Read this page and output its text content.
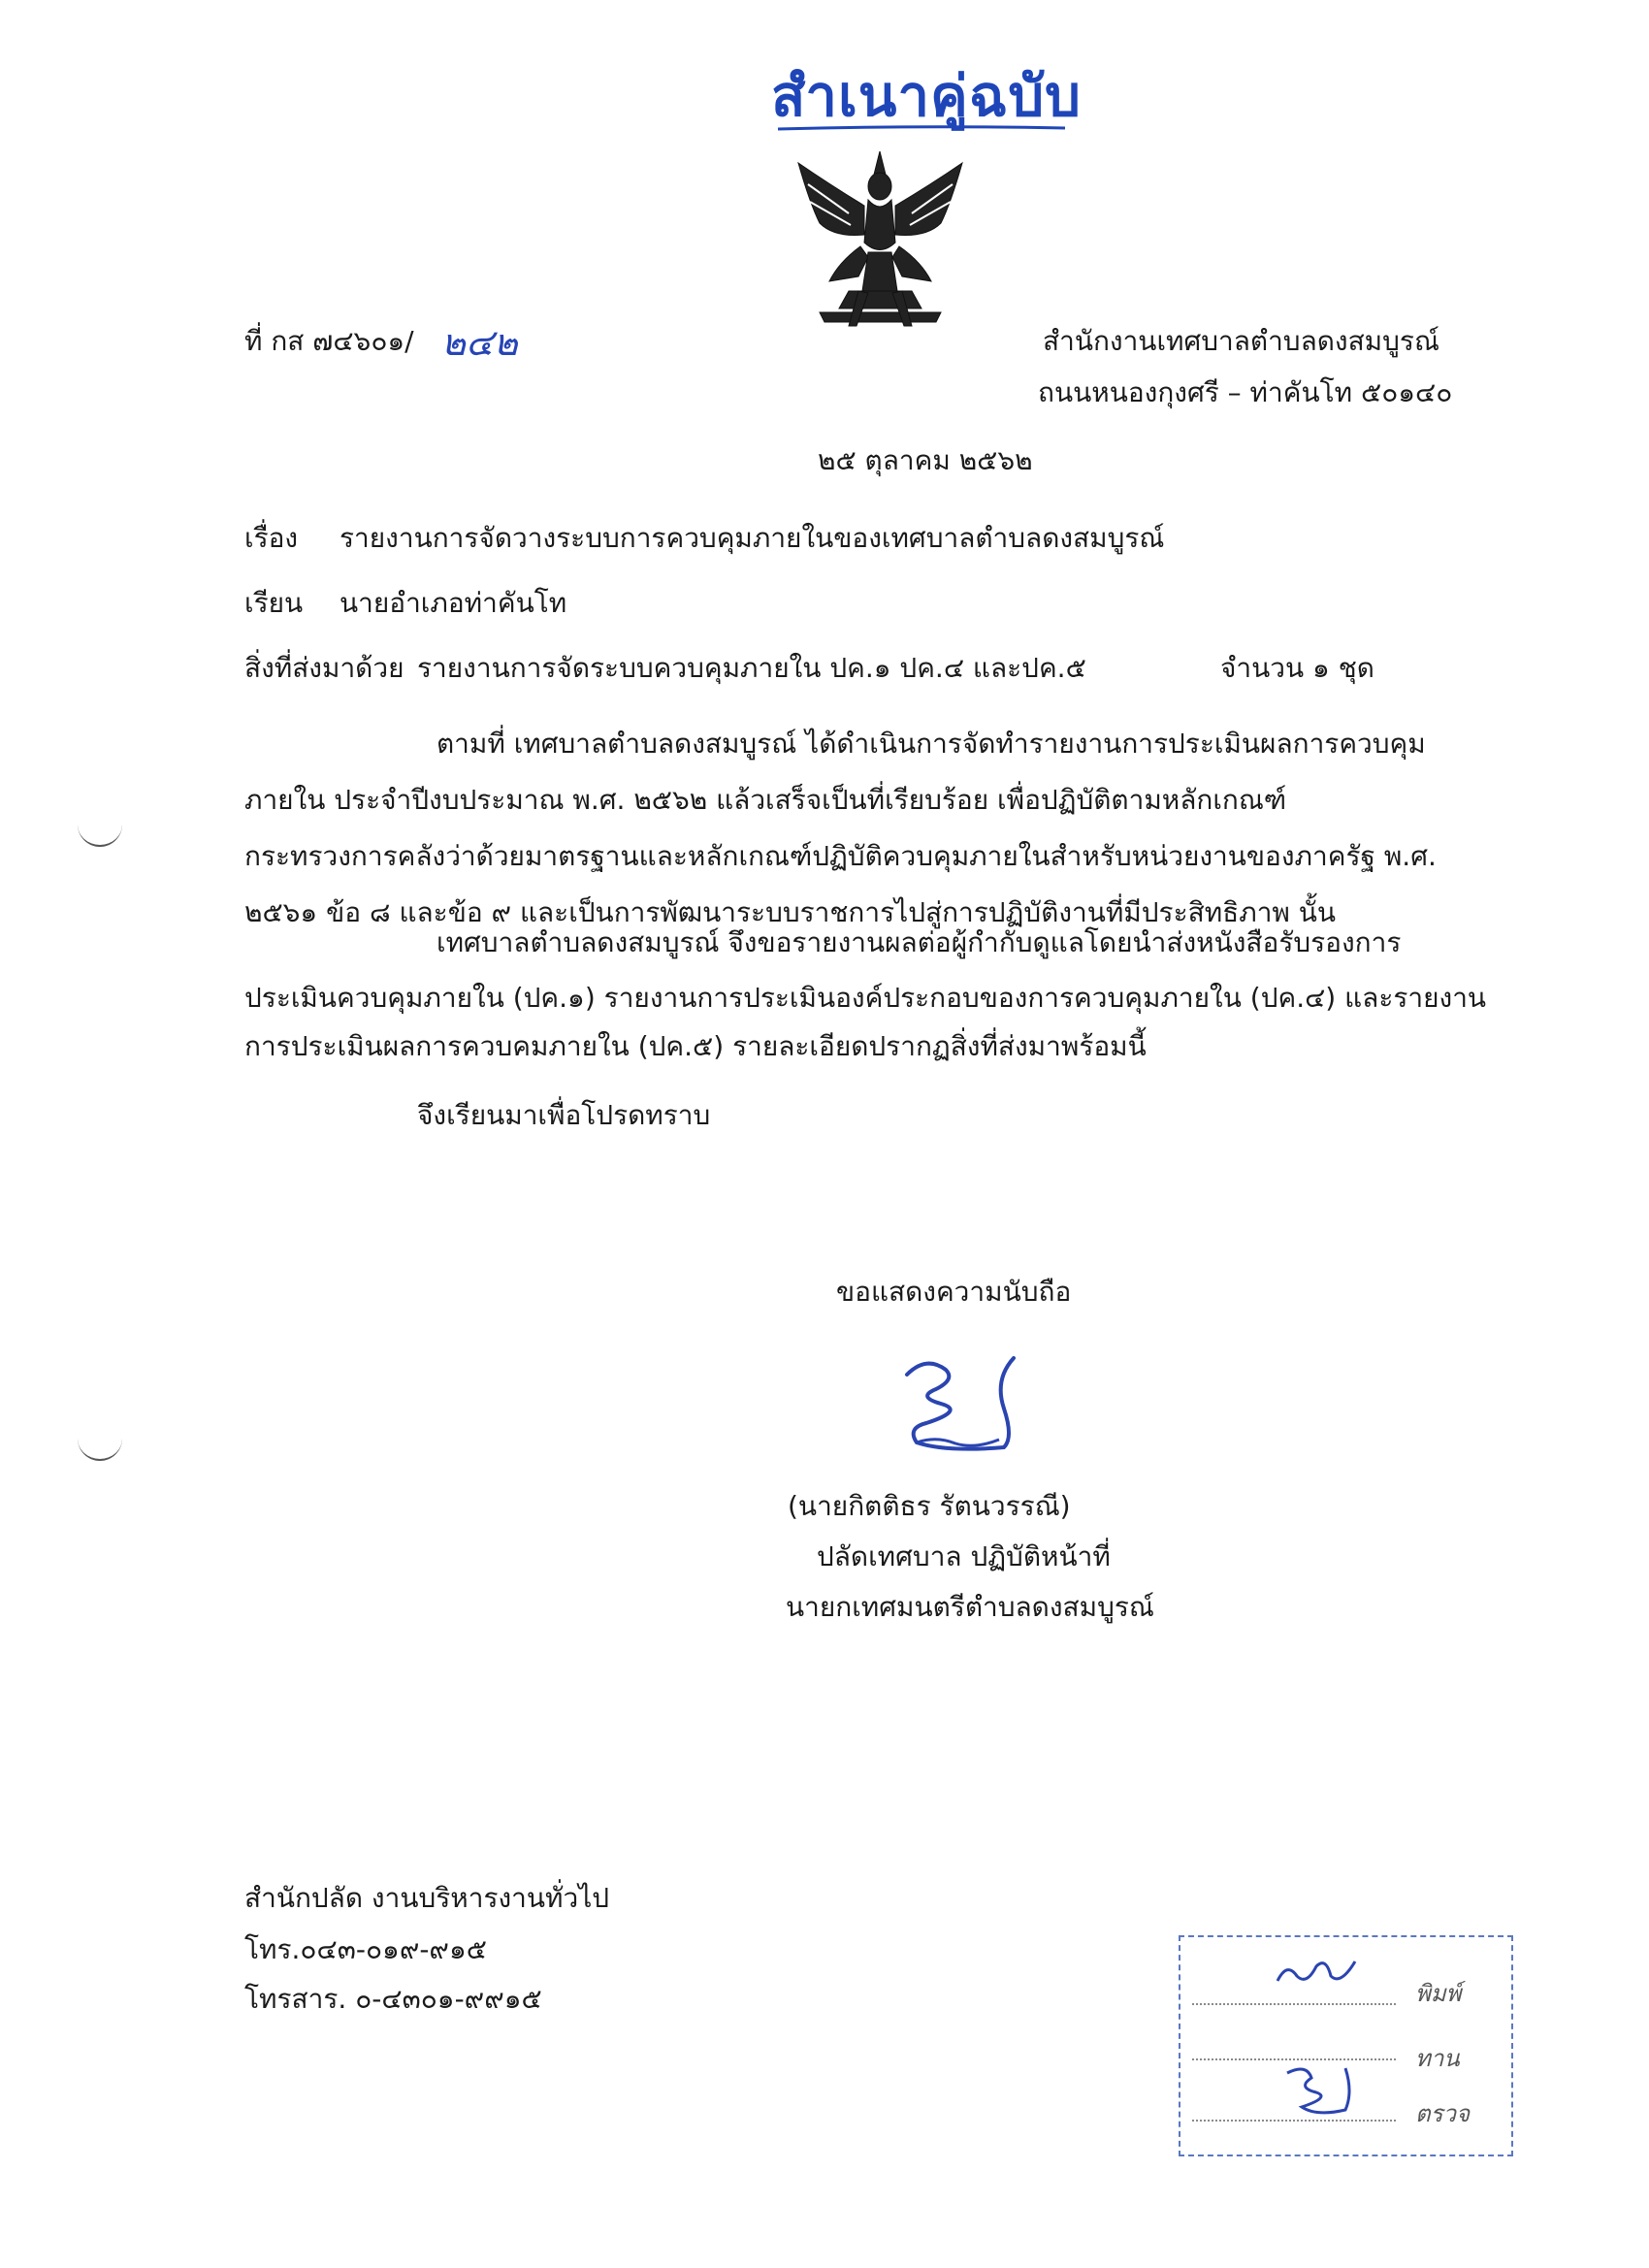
สำเนาคู่ฉบับ
ที่ กส ๗๔๖๐๑/ ๒๔๒	สำนักงานเทศบาลตำบลดงสมบูรณ์
ถนนหนองกุงศรี – ท่าคันโท ๕๐๑๔๐
๒๕ ตุลาคม ๒๕๖๒
เรื่อง รายงานการจัดวางระบบการควบคุมภายในของเทศบาลตำบลดงสมบูรณ์
เรียน นายอำเภอท่าคันโท
สิ่งที่ส่งมาด้วย รายงานการจัดระบบควบคุมภายใน ปค.๑ ปค.๔ และปค.๕	จำนวน ๑ ชุด
ตามที่ เทศบาลตำบลดงสมบูรณ์ ได้ดำเนินการจัดทำรายงานการประเมินผลการควบคุม
ภายใน ประจำปีงบประมาณ พ.ศ. ๒๕๖๒ แล้วเสร็จเป็นที่เรียบร้อย เพื่อปฏิบัติตามหลักเกณฑ์
กระทรวงการคลังว่าด้วยมาตรฐานและหลักเกณฑ์ปฏิบัติควบคุมภายในสำหรับหน่วยงานของภาครัฐ พ.ศ.
๒๕๖๑ ข้อ ๘ และข้อ ๙ และเป็นการพัฒนาระบบราชการไปสู่การปฏิบัติงานที่มีประสิทธิภาพ นั้น
เทศบาลตำบลดงสมบูรณ์ จึงขอรายงานผลต่อผู้กำกับดูแลโดยนำส่งหนังสือรับรองการ
ประเมินควบคุมภายใน (ปค.๑) รายงานการประเมินองค์ประกอบของการควบคุมภายใน (ปค.๔) และรายงาน
การประเมินผลการควบคมภายใน (ปค.๕) รายละเอียดปรากฏสิ่งที่ส่งมาพร้อมนี้
จึงเรียนมาเพื่อโปรดทราบ
ขอแสดงความนับถือ
(นายกิตติธร รัตนวรรณี)
ปลัดเทศบาล ปฏิบัติหน้าที่
นายกเทศมนตรีตำบลดงสมบูรณ์
สำนักปลัด งานบริหารงานทั่วไป
โทร.๐๔๓-๐๑๙-๙๑๕
โทรสาร. ๐-๔๓๐๑-๙๙๑๕	พิมพ์
ทาน
ตรวจ
